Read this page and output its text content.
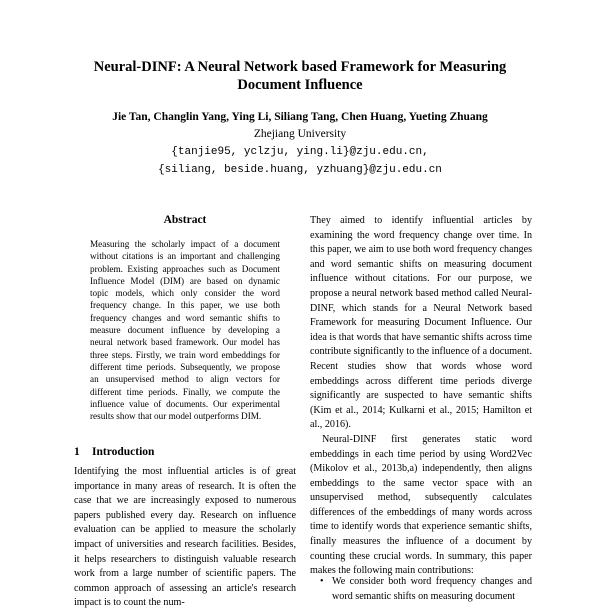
Neural-DINF: A Neural Network based Framework for Measuring
Document Influence
Jie Tan, Changlin Yang, Ying Li, Siliang Tang, Chen Huang, Yueting Zhuang
Zhejiang University
{tanjie95, yclzju, ying.li}@zju.edu.cn,
{siliang, beside.huang, yzhuang}@zju.edu.cn
Abstract
Measuring the scholarly impact of a document without citations is an important and challenging problem. Existing approaches such as Document Influence Model (DIM) are based on dynamic topic models, which only consider the word frequency change. In this paper, we use both frequency changes and word semantic shifts to measure document influence by developing a neural network based framework. Our model has three steps. Firstly, we train word embeddings for different time periods. Subsequently, we propose an unsupervised method to align vectors for different time periods. Finally, we compute the influence value of documents. Our experimental results show that our model outperforms DIM.
1 Introduction
Identifying the most influential articles is of great importance in many areas of research. It is often the case that we are increasingly exposed to numerous papers published every day. Research on influence evaluation can be applied to measure the scholarly impact of universities and research facilities. Besides, it helps researchers to distinguish valuable research work from a large number of scientific papers. The common approach of assessing an article's research impact is to count the num-

They aimed to identify influential articles by examining the word frequency change over time. In this paper, we aim to use both word frequency changes and word semantic shifts on measuring document influence without citations. For our purpose, we propose a neural network based method called Neural-DINF, which stands for a Neural Network based Framework for measuring Document Influence. Our idea is that words that have semantic shifts across time contribute significantly to the influence of a document. Recent studies show that words whose word embeddings across different time periods diverge significantly are suspected to have semantic shifts (Kim et al., 2014; Kulkarni et al., 2015; Hamilton et al., 2016).

Neural-DINF first generates static word embeddings in each time period by using Word2Vec (Mikolov et al., 2013b,a) independently, then aligns embeddings to the same vector space with an unsupervised method, subsequently calculates differences of the embeddings of many words across time to identify words that experience semantic shifts, finally measures the influence of a document by counting these crucial words. In summary, this paper makes the following main contributions:

• We consider both word frequency changes and word semantic shifts on measuring document
